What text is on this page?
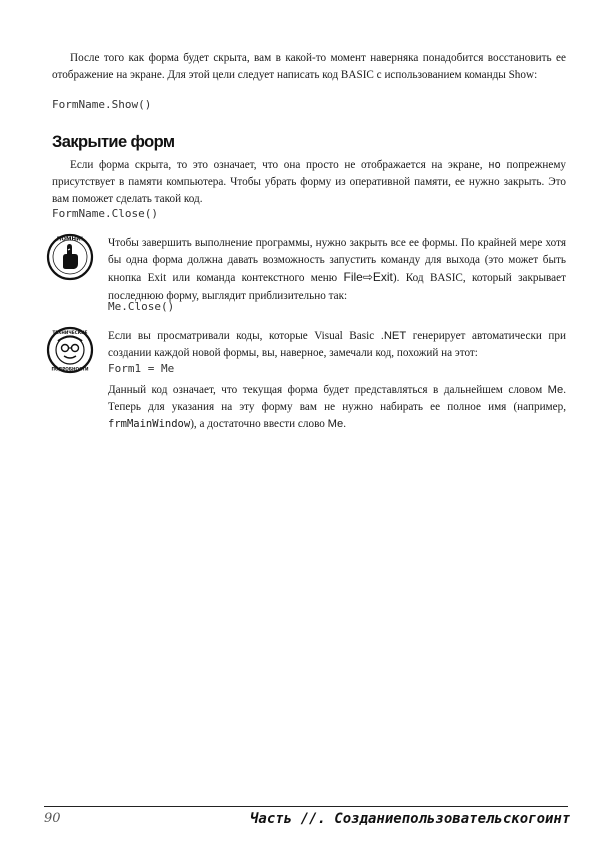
После того как форма будет скрыта, вам в какой-то момент наверняка понадобится восстановить ее отображение на экране. Для этой цели следует написать код BASIC с использованием команды Show:

FormName.Show()
Закрытие форм

Если форма скрыта, то это означает, что она просто не отображается на экране, но попрежнему присутствует в памяти компьютера. Чтобы убрать форму из оперативной памяти, ее нужно закрыть. Это вам поможет сделать такой код.

FormName.Close()
ПОМНИ! Чтобы завершить выполнение программы, нужно закрыть все ее формы. По крайней мере хотя бы одна форма должна давать возможность запустить команду для выхода (это может быть кнопка Exit или команда контекстного меню File⇨Exit). Код BASIC, который закрывает последнюю форму, выглядит приблизительно так:

Me.Close()
ТЕХНИЧЕСКИЕ
ПОДРОБНОСТИ

Если вы просматривали коды, которые Visual Basic .NET генерирует автоматически при создании каждой новой формы, вы, наверное, замечали код, похожий на этот:

Form1 = Me

Данный код означает, что текущая форма будет представляться в дальнейшем словом Me. Теперь для указания на эту форму вам не нужно набирать ее полное имя (например, frmMainWindow), а достаточно ввести слово Me.

90	Часть //. Созданиепользовательскогоинт
